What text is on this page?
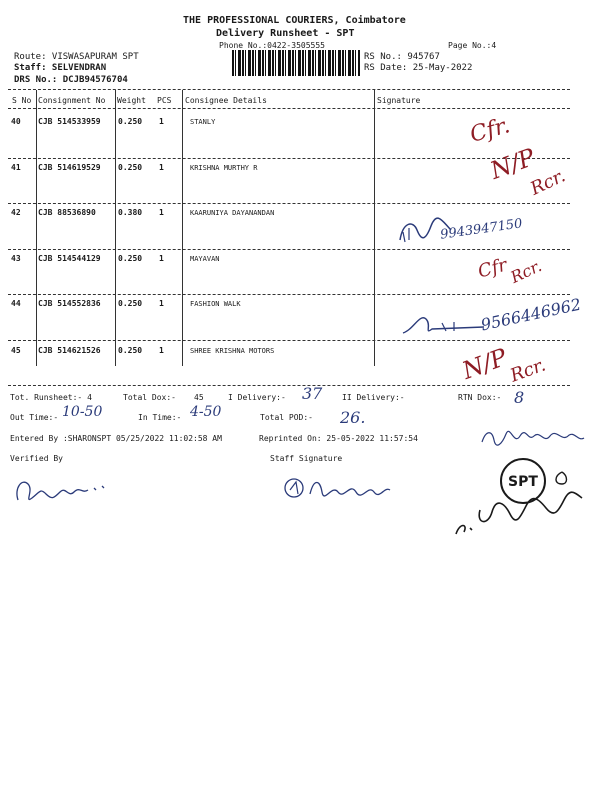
THE PROFESSIONAL COURIERS, Coimbatore
Delivery Runsheet - SPT
Phone No.:0422-3505555	Page No.:4
Route: VISWASAPURAM SPT
Staff: SELVENDRAN
DRS No.: DCJB94576704
RS No.: 945767
RS Date: 25-May-2022
S No Consignment No Weight PCS Consignee Details	Signature
40 CJB 514533959 0.250 1	STANLY
41 CJB 514619529 0.250 1	KRISHNA MURTHY R
42 CJB 88536890	0.380 1	KAARUNIYA DAYANANDAN
43 CJB 514544129 0.250 1	MAYAVAN
44 CJB 514552836 0.250 1	FASHION WALK
45 CJB 514621526 0.250 1	SHREE KRISHNA MOTORS
Cfr.
N/P
Rcr.
9943947150
Cfr
Rcr.
9566446962
N/P
Rcr.
Tot. Runsheet:- 4	Total Dox:- 45	I Delivery:- 37 II Delivery:-	RTN Dox:- 8
Out Time:- 10-50	In Time:- 4-50	Total POD:- 26.
Entered By :SHARONSPT 05/25/2022 11:02:58 AM	Reprinted On: 25-05-2022 11:57:54
Verified By	Staff Signature
SPT
